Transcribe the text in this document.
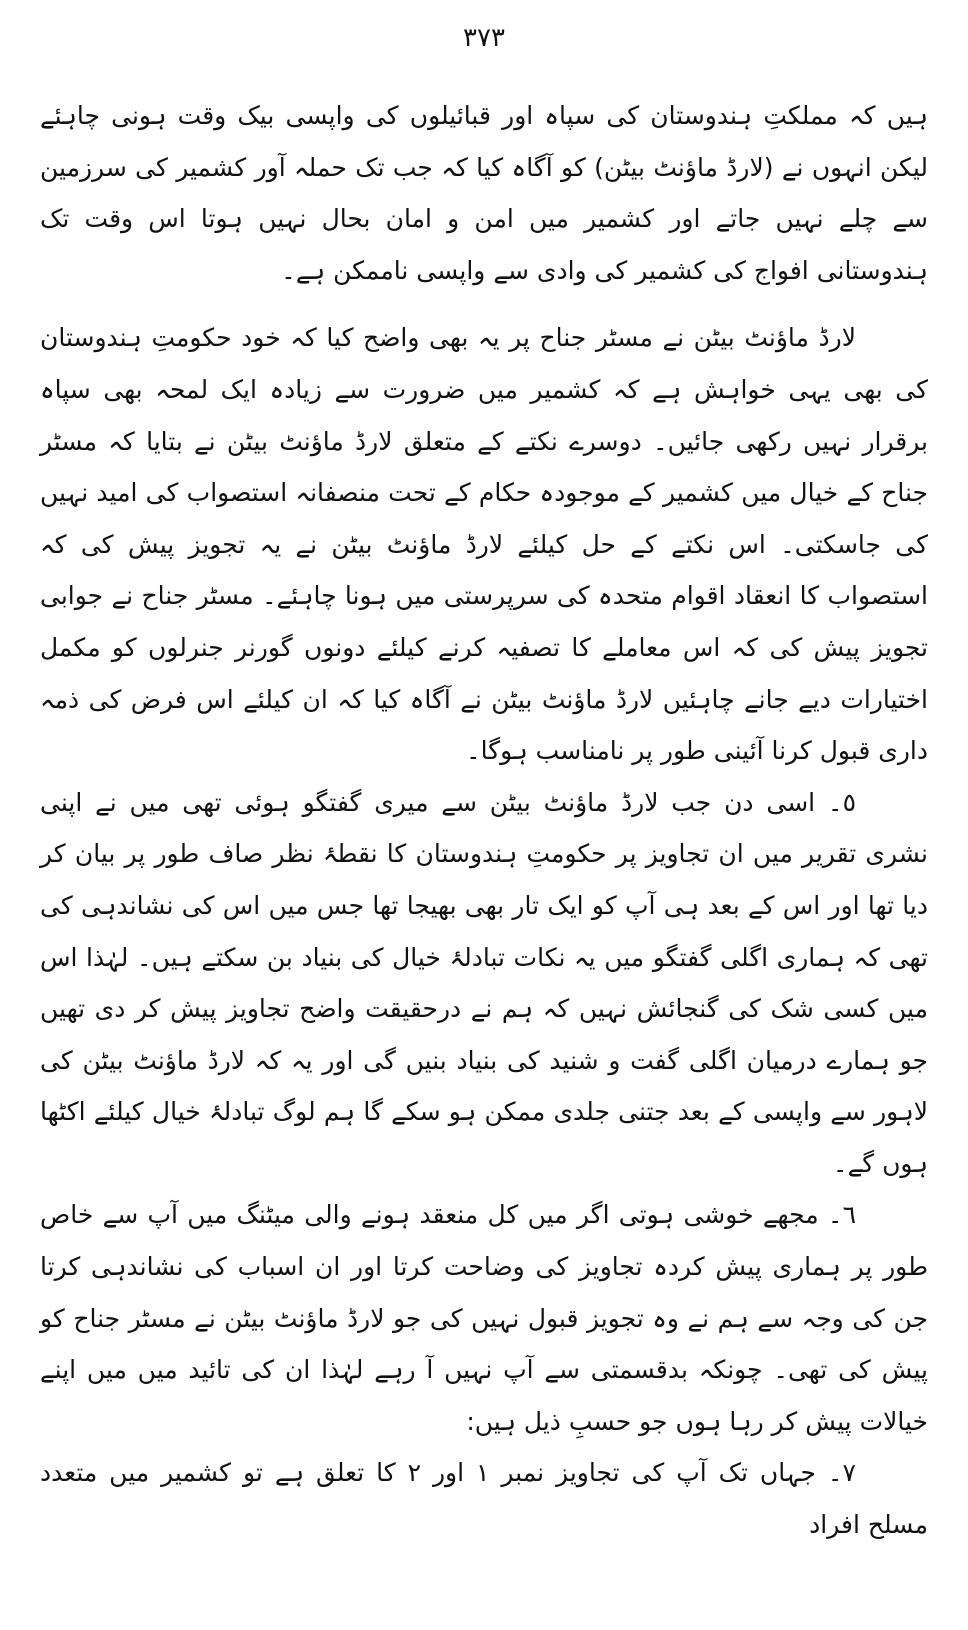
٣٧٣

ہیں کہ مملکتِ ہندوستان کی سپاہ اور قبائیلوں کی واپسی بیک وقت ہونی چاہئے لیکن انہوں نے (لارڈ ماؤنٹ بیٹن) کو آگاہ کیا کہ جب تک حملہ آور کشمیر کی سرزمین سے چلے نہیں جاتے اور کشمیر میں امن و امان بحال نہیں ہوتا اس وقت تک ہندوستانی افواج کی کشمیر کی وادی سے واپسی ناممکن ہے۔

لارڈ ماؤنٹ بیٹن نے مسٹر جناح پر یہ بھی واضح کیا کہ خود حکومتِ ہندوستان کی بھی یہی خواہش ہے کہ کشمیر میں ضرورت سے زیادہ ایک لمحہ بھی سپاہ برقرار نہیں رکھی جائیں۔ دوسرے نکتے کے متعلق لارڈ ماؤنٹ بیٹن نے بتایا کہ مسٹر جناح کے خیال میں کشمیر کے موجودہ حکام کے تحت منصفانہ استصواب کی امید نہیں کی جاسکتی۔ اس نکتے کے حل کیلئے لارڈ ماؤنٹ بیٹن نے یہ تجویز پیش کی کہ استصواب کا انعقاد اقوام متحدہ کی سرپرستی میں ہونا چاہئے۔ مسٹر جناح نے جوابی تجویز پیش کی کہ اس معاملے کا تصفیہ کرنے کیلئے دونوں گورنر جنرلوں کو مکمل اختیارات دیے جانے چاہئیں لارڈ ماؤنٹ بیٹن نے آگاہ کیا کہ ان کیلئے اس فرض کی ذمہ داری قبول کرنا آئینی طور پر نامناسب ہوگا۔

٥۔ اسی دن جب لارڈ ماؤنٹ بیٹن سے میری گفتگو ہوئی تھی میں نے اپنی نشری تقریر میں ان تجاویز پر حکومتِ ہندوستان کا نقطۂ نظر صاف طور پر بیان کر دیا تھا اور اس کے بعد ہی آپ کو ایک تار بھی بھیجا تھا جس میں اس کی نشاندہی کی تھی کہ ہماری اگلی گفتگو میں یہ نکات تبادلۂ خیال کی بنیاد بن سکتے ہیں۔ لہٰذا اس میں کسی شک کی گنجائش نہیں کہ ہم نے درحقیقت واضح تجاویز پیش کر دی تھیں جو ہمارے درمیان اگلی گفت و شنید کی بنیاد بنیں گی اور یہ کہ لارڈ ماؤنٹ بیٹن کی لاہور سے واپسی کے بعد جتنی جلدی ممکن ہو سکے گا ہم لوگ تبادلۂ خیال کیلئے اکٹھا ہوں گے۔

٦۔ مجھے خوشی ہوتی اگر میں کل منعقد ہونے والی میٹنگ میں آپ سے خاص طور پر ہماری پیش کردہ تجاویز کی وضاحت کرتا اور ان اسباب کی نشاندہی کرتا جن کی وجہ سے ہم نے وہ تجویز قبول نہیں کی جو لارڈ ماؤنٹ بیٹن نے مسٹر جناح کو پیش کی تھی۔ چونکہ بدقسمتی سے آپ نہیں آ رہے لہٰذا ان کی تائید میں میں اپنے خیالات پیش کر رہا ہوں جو حسبِ ذیل ہیں:

٧۔ جہاں تک آپ کی تجاویز نمبر ١ اور ٢ کا تعلق ہے تو کشمیر میں متعدد مسلح افراد
